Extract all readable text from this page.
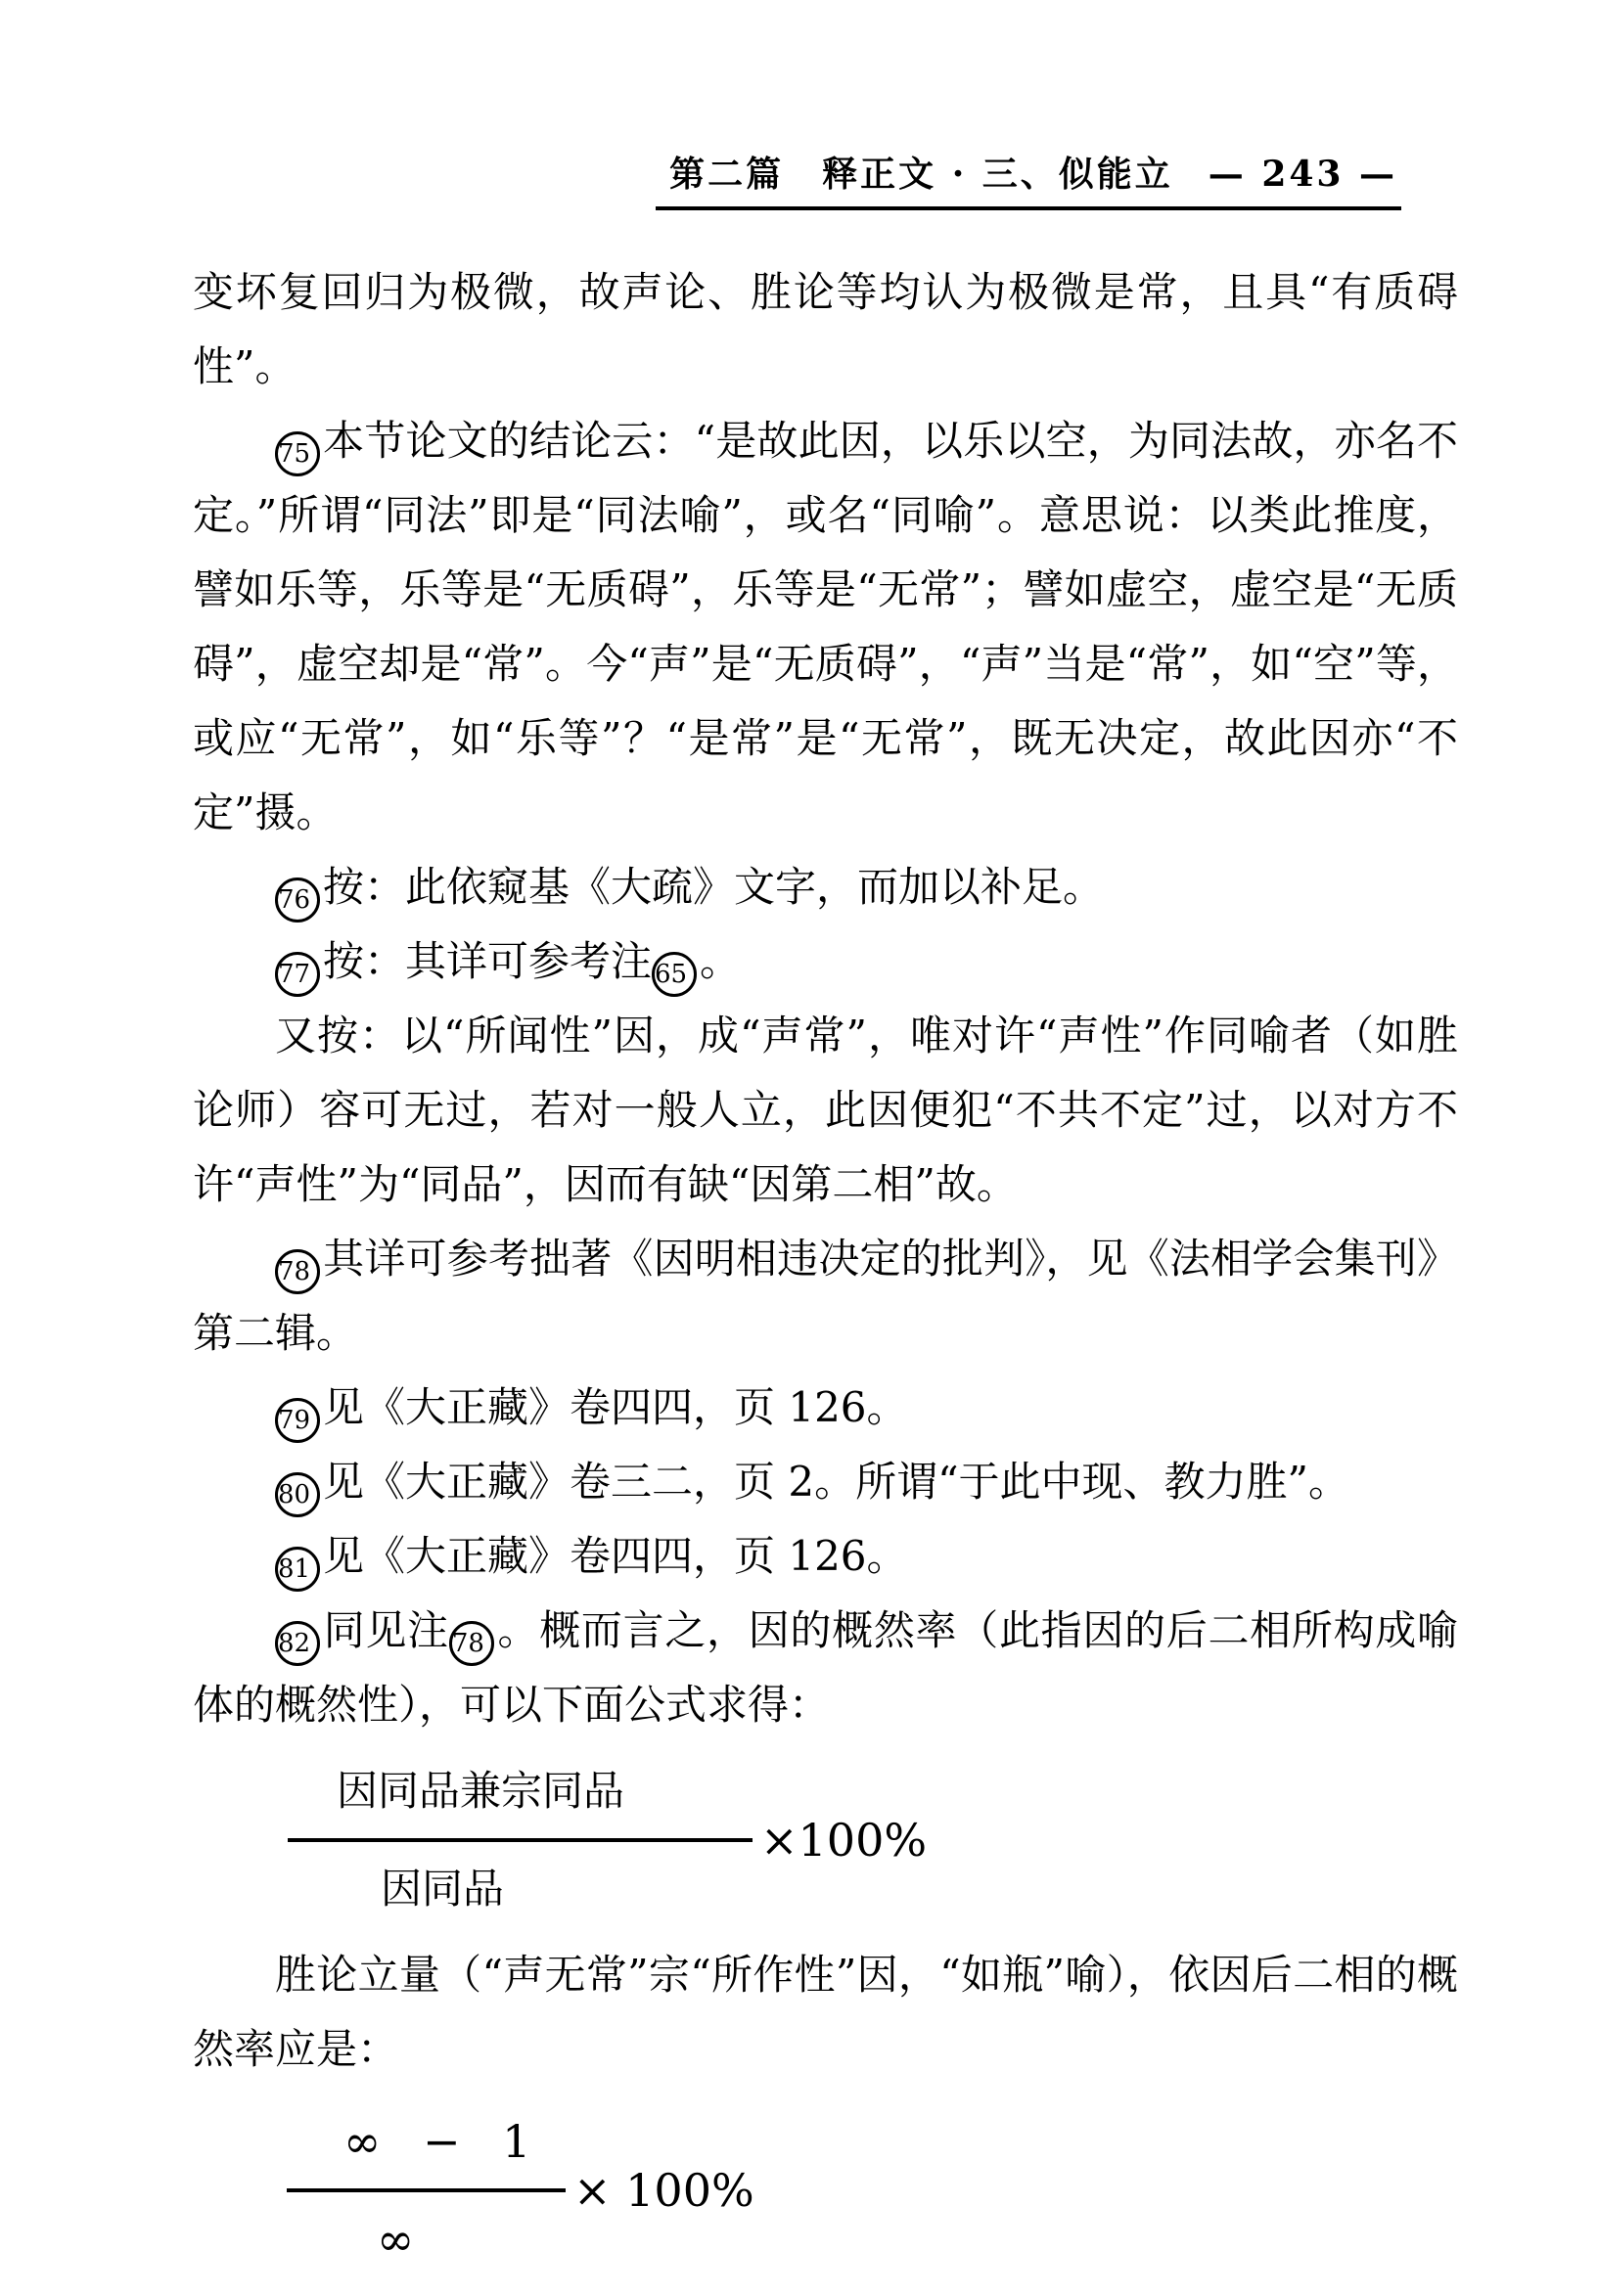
第二篇　释正文 · 三、似能立 — 243 —

变坏复回归为极微，故声论、胜论等均认为极微是常，且具“有质碍性”。

75 本节论文的结论云：“是故此因，以乐以空，为同法故，亦名不定。”所谓“同法”即是“同法喻”，或名“同喻”。意思说：以类此推度，譬如乐等，乐等是“无质碍”，乐等是“无常”；譬如虚空，虚空是“无质碍”，虚空却是“常”。今“声”是“无质碍”，“声”当是“常”，如“空”等，或应“无常”，如“乐等”？“是常”是“无常”，既无决定，故此因亦“不定”摄。

76 按：此依窥基《大疏》文字，而加以补足。

77 按：其详可参考注 65 。

又按：以“所闻性”因，成“声常”，唯对许“声性”作同喻者（如胜论师）容可无过，若对一般人立，此因便犯“不共不定”过，以对方不许“声性”为“同品”，因而有缺“因第二相”故。

78 其详可参考拙著《因明相违决定的批判》，见《法相学会集刊》第二辑。

79 见《大正藏》卷四四，页 126。

80 见《大正藏》卷三二，页 2。所谓“于此中现、教力胜”。

81 见《大正藏》卷四四，页 126。

82 同见注 78 。概而言之，因的概然率（此指因的后二相所构成喻体的概然性），可以下面公式求得：

$\frac{\text{因同品兼宗同品}}{\text{因同品}} \times 100\%$

胜论立量（“声无常”宗“所作性”因，“如瓶”喻），依因后二相的概然率应是：

$\frac{\infty - 1}{\infty} \times 100\%$
